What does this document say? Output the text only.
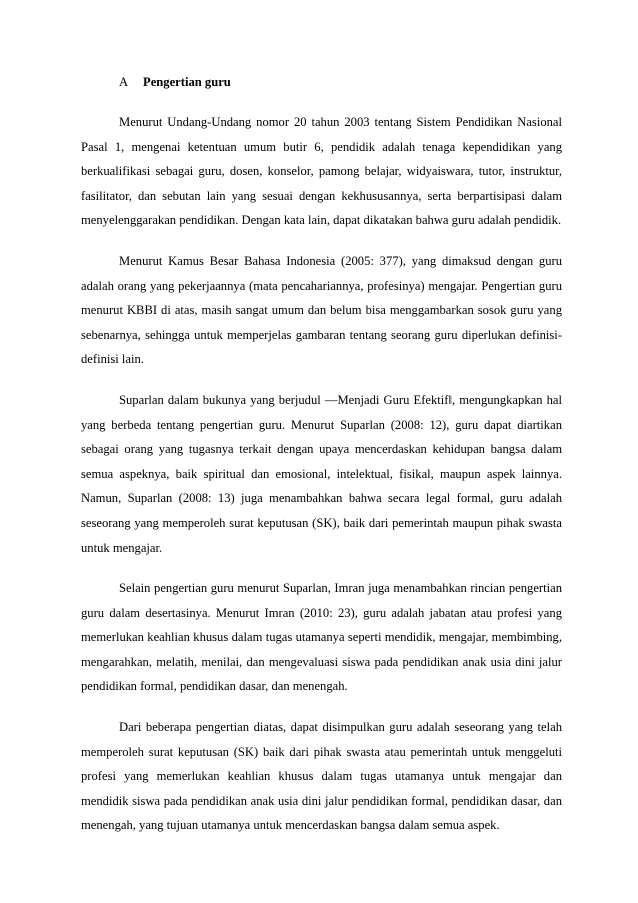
A	Pengertian guru

Menurut Undang-Undang nomor 20 tahun 2003 tentang Sistem Pendidikan Nasional Pasal 1, mengenai ketentuan umum butir 6, pendidik adalah tenaga kependidikan yang berkualifikasi sebagai guru, dosen, konselor, pamong belajar, widyaiswara, tutor, instruktur, fasilitator, dan sebutan lain yang sesuai dengan kekhususannya, serta berpartisipasi dalam menyelenggarakan pendidikan. Dengan kata lain, dapat dikatakan bahwa guru adalah pendidik.

Menurut Kamus Besar Bahasa Indonesia (2005: 377), yang dimaksud dengan guru adalah orang yang pekerjaannya (mata pencahariannya, profesinya) mengajar. Pengertian guru menurut KBBI di atas, masih sangat umum dan belum bisa menggambarkan sosok guru yang sebenarnya, sehingga untuk memperjelas gambaran tentang seorang guru diperlukan definisi-definisi lain.

Suparlan dalam bukunya yang berjudul ―Menjadi Guru Efektif‖, mengungkapkan hal yang berbeda tentang pengertian guru. Menurut Suparlan (2008: 12), guru dapat diartikan sebagai orang yang tugasnya terkait dengan upaya mencerdaskan kehidupan bangsa dalam semua aspeknya, baik spiritual dan emosional, intelektual, fisikal, maupun aspek lainnya. Namun, Suparlan (2008: 13) juga menambahkan bahwa secara legal formal, guru adalah seseorang yang memperoleh surat keputusan (SK), baik dari pemerintah maupun pihak swasta untuk mengajar.

Selain pengertian guru menurut Suparlan, Imran juga menambahkan rincian pengertian guru dalam desertasinya. Menurut Imran (2010: 23), guru adalah jabatan atau profesi yang memerlukan keahlian khusus dalam tugas utamanya seperti mendidik, mengajar, membimbing, mengarahkan, melatih, menilai, dan mengevaluasi siswa pada pendidikan anak usia dini jalur pendidikan formal, pendidikan dasar, dan menengah.

Dari beberapa pengertian diatas, dapat disimpulkan guru adalah seseorang yang telah memperoleh surat keputusan (SK) baik dari pihak swasta atau pemerintah untuk menggeluti profesi yang memerlukan keahlian khusus dalam tugas utamanya untuk mengajar dan mendidik siswa pada pendidikan anak usia dini jalur pendidikan formal, pendidikan dasar, dan menengah, yang tujuan utamanya untuk mencerdaskan bangsa dalam semua aspek.
